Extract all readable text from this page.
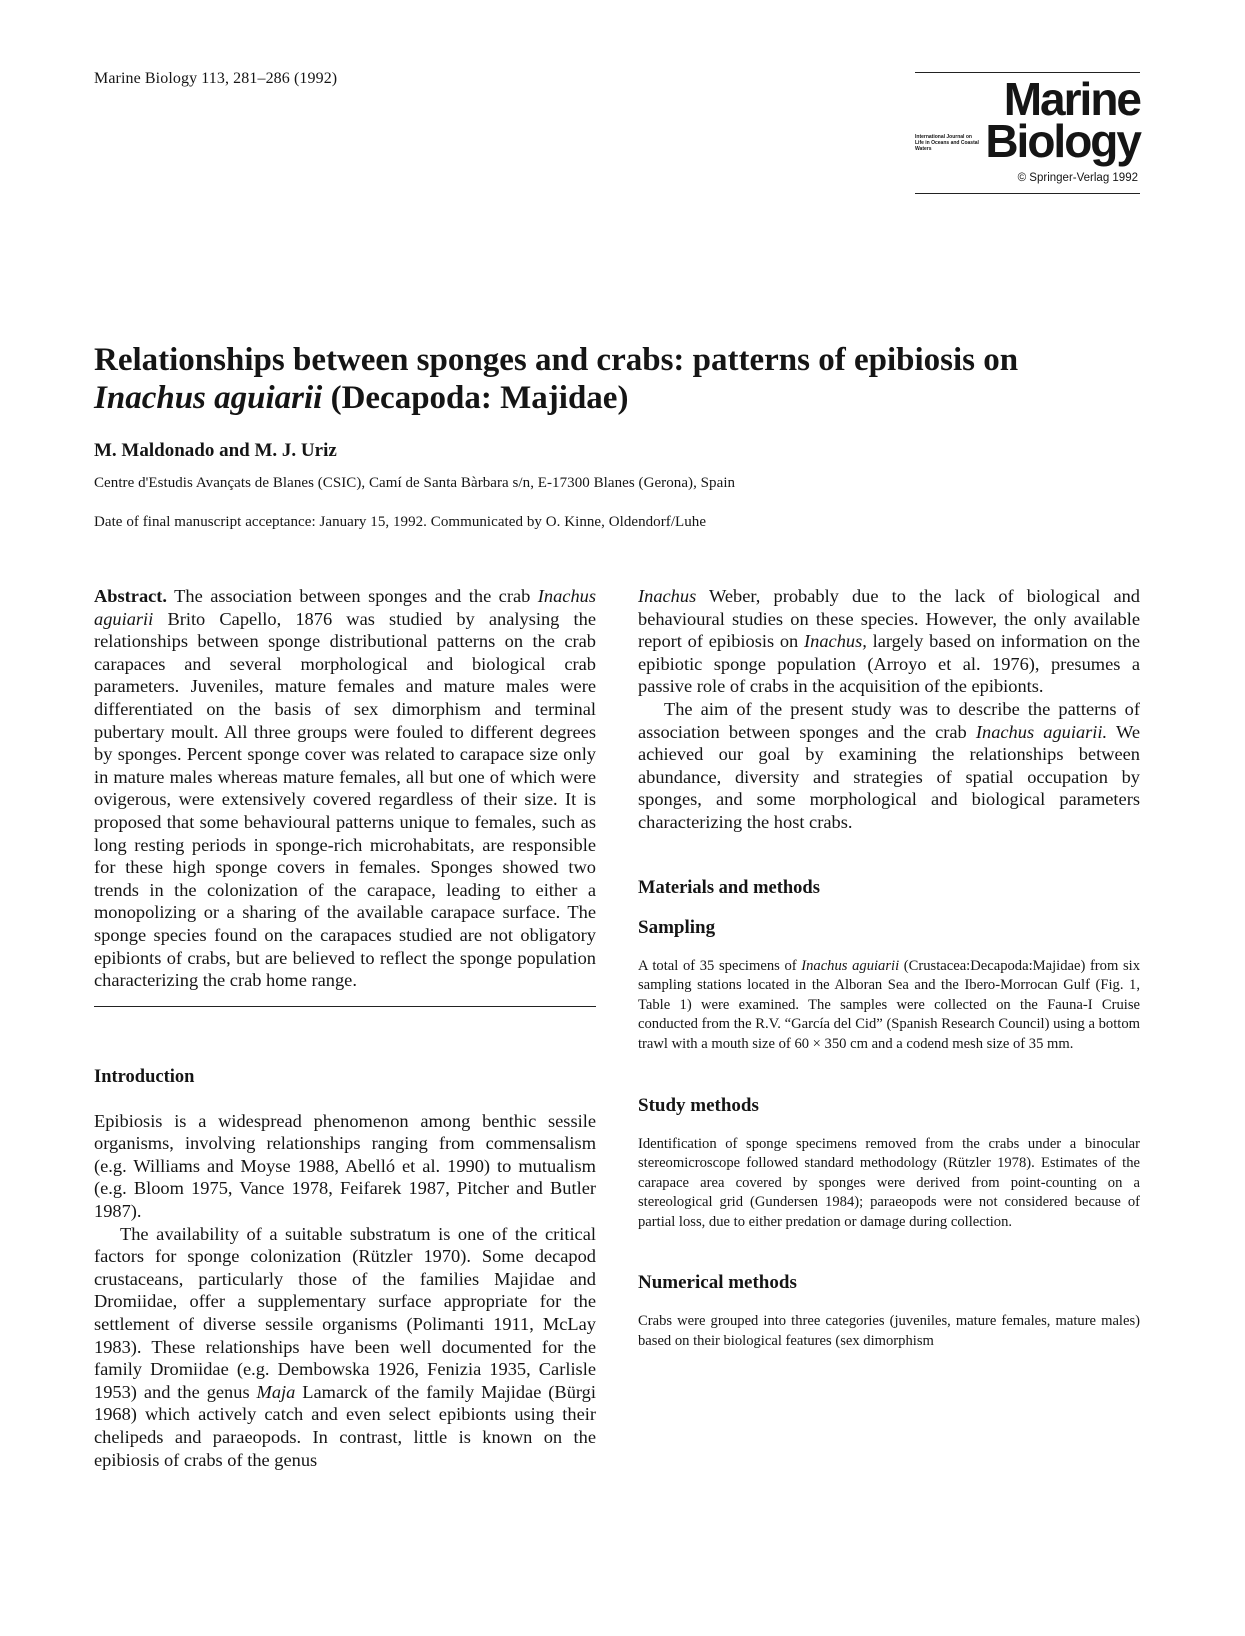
Marine Biology 113, 281–286 (1992)	Marine
International Journal on Life in Oceans and Coastal Waters	Biology
© Springer-Verlag 1992
Relationships between sponges and crabs: patterns of epibiosis on Inachus aguiarii (Decapoda: Majidae)
M. Maldonado and M. J. Uriz
Centre d'Estudis Avançats de Blanes (CSIC), Camí de Santa Bàrbara s/n, E-17300 Blanes (Gerona), Spain
Date of final manuscript acceptance: January 15, 1992. Communicated by O. Kinne, Oldendorf/Luhe

Abstract. The association between sponges and the crab Inachus aguiarii Brito Capello, 1876 was studied by analysing the relationships between sponge distributional patterns on the crab carapaces and several morphological and biological crab parameters. Juveniles, mature females and mature males were differentiated on the basis of sex dimorphism and terminal pubertary moult. All three groups were fouled to different degrees by sponges. Percent sponge cover was related to carapace size only in mature males whereas mature females, all but one of which were ovigerous, were extensively covered regardless of their size. It is proposed that some behavioural patterns unique to females, such as long resting periods in sponge-rich microhabitats, are responsible for these high sponge covers in females. Sponges showed two trends in the colonization of the carapace, leading to either a monopolizing or a sharing of the available carapace surface. The sponge species found on the carapaces studied are not obligatory epibionts of crabs, but are believed to reflect the sponge population characterizing the crab home range.

Introduction

Epibiosis is a widespread phenomenon among benthic sessile organisms, involving relationships ranging from commensalism (e.g. Williams and Moyse 1988, Abelló et al. 1990) to mutualism (e.g. Bloom 1975, Vance 1978, Feifarek 1987, Pitcher and Butler 1987).

The availability of a suitable substratum is one of the critical factors for sponge colonization (Rützler 1970). Some decapod crustaceans, particularly those of the families Majidae and Dromiidae, offer a supplementary surface appropriate for the settlement of diverse sessile organisms (Polimanti 1911, McLay 1983). These relationships have been well documented for the family Dromiidae (e.g. Dembowska 1926, Fenizia 1935, Carlisle 1953) and the genus Maja Lamarck of the family Majidae (Bürgi 1968) which actively catch and even select epibionts using their chelipeds and paraeopods. In contrast, little is known on the epibiosis of crabs of the genus

Inachus Weber, probably due to the lack of biological and behavioural studies on these species. However, the only available report of epibiosis on Inachus, largely based on information on the epibiotic sponge population (Arroyo et al. 1976), presumes a passive role of crabs in the acquisition of the epibionts.

The aim of the present study was to describe the patterns of association between sponges and the crab Inachus aguiarii. We achieved our goal by examining the relationships between abundance, diversity and strategies of spatial occupation by sponges, and some morphological and biological parameters characterizing the host crabs.

Materials and methods
Sampling

A total of 35 specimens of Inachus aguiarii (Crustacea:Decapoda:Majidae) from six sampling stations located in the Alboran Sea and the Ibero-Morrocan Gulf (Fig. 1, Table 1) were examined. The samples were collected on the Fauna-I Cruise conducted from the R.V. “García del Cid” (Spanish Research Council) using a bottom trawl with a mouth size of 60 × 350 cm and a codend mesh size of 35 mm.

Study methods

Identification of sponge specimens removed from the crabs under a binocular stereomicroscope followed standard methodology (Rützler 1978). Estimates of the carapace area covered by sponges were derived from point-counting on a stereological grid (Gundersen 1984); paraeopods were not considered because of partial loss, due to either predation or damage during collection.

Numerical methods

Crabs were grouped into three categories (juveniles, mature females, mature males) based on their biological features (sex dimorphism
